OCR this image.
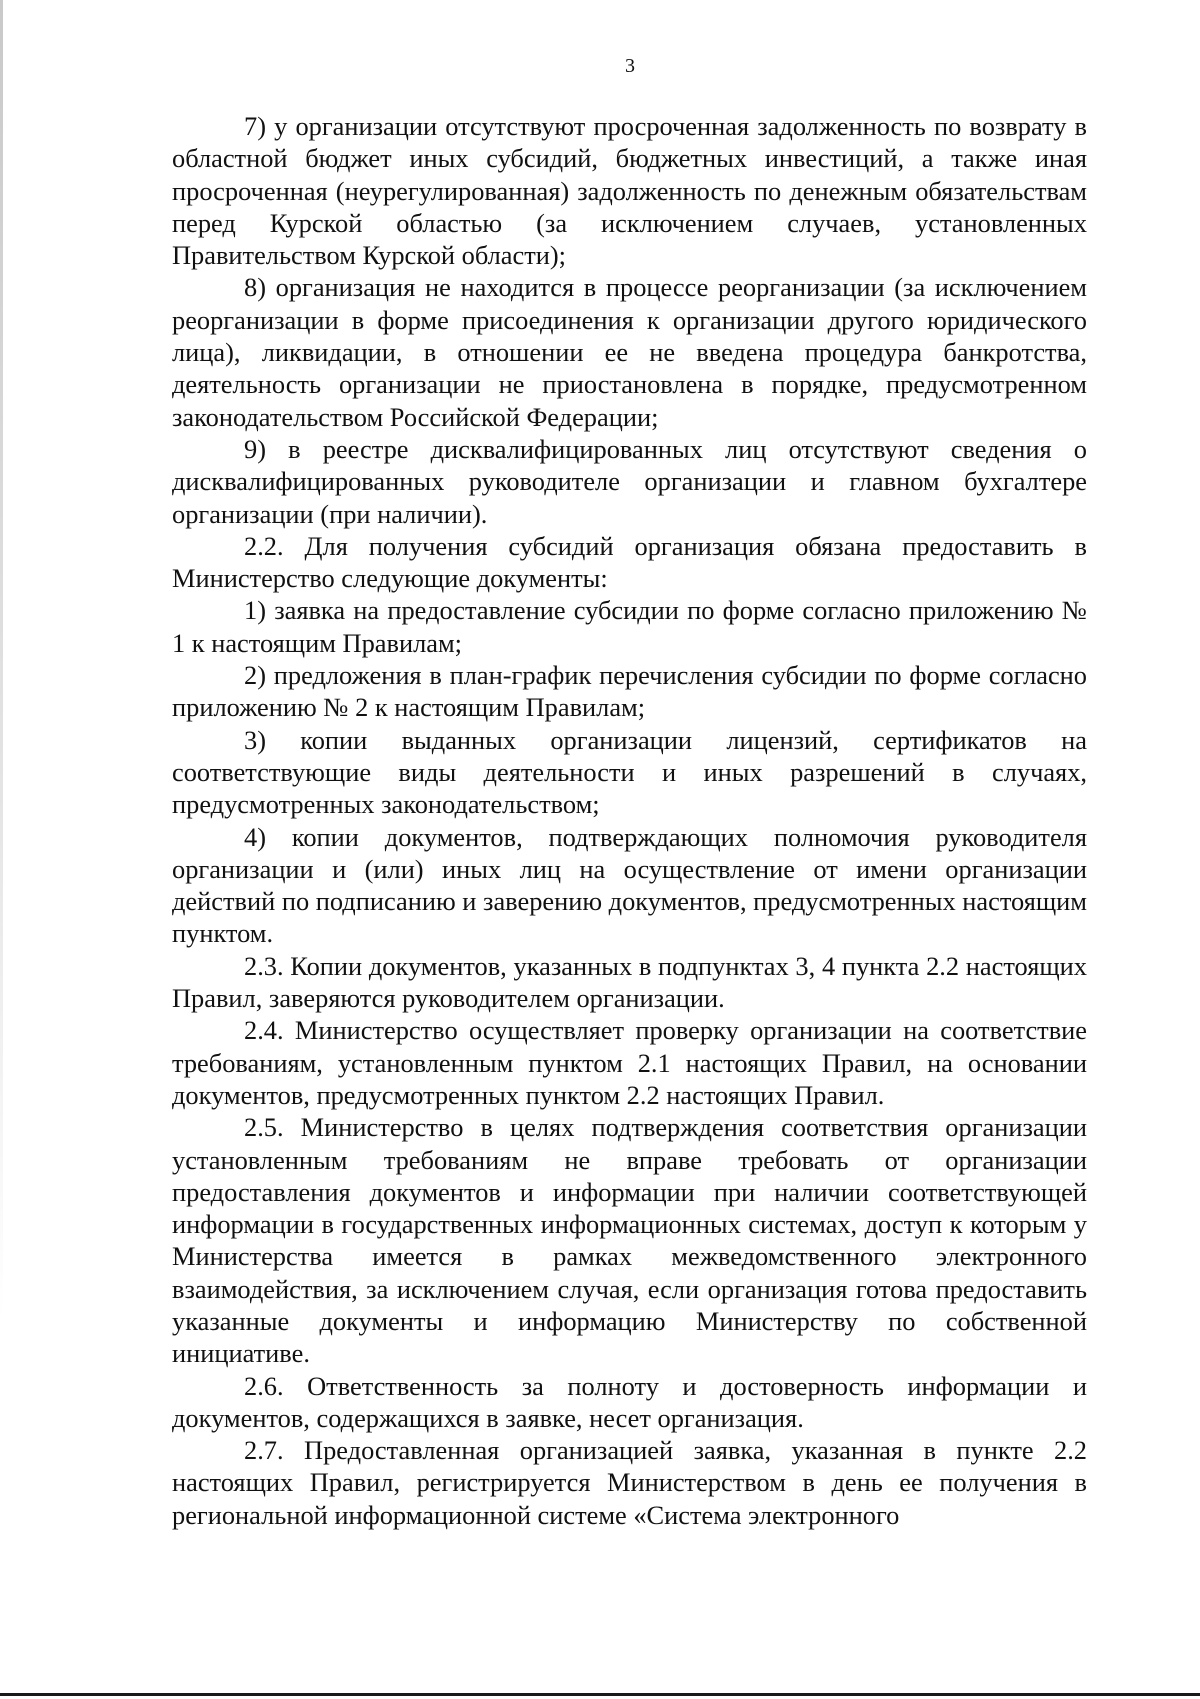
3

7) у организации отсутствуют просроченная задолженность по возврату в областной бюджет иных субсидий, бюджетных инвестиций, а также иная просроченная (неурегулированная) задолженность по денежным обязательствам перед Курской областью (за исключением случаев, установленных Правительством Курской области);

8) организация не находится в процессе реорганизации (за исключением реорганизации в форме присоединения к организации другого юридического лица), ликвидации, в отношении ее не введена процедура банкротства, деятельность организации не приостановлена в порядке, предусмотренном законодательством Российской Федерации;

9) в реестре дисквалифицированных лиц отсутствуют сведения о дисквалифицированных руководителе организации и главном бухгалтере организации (при наличии).

2.2. Для получения субсидий организация обязана предоставить в Министерство следующие документы:

1) заявка на предоставление субсидии по форме согласно приложению № 1 к настоящим Правилам;

2) предложения в план-график перечисления субсидии по форме согласно приложению № 2 к настоящим Правилам;

3) копии выданных организации лицензий, сертификатов на соответствующие виды деятельности и иных разрешений в случаях, предусмотренных законодательством;

4) копии документов, подтверждающих полномочия руководителя организации и (или) иных лиц на осуществление от имени организации действий по подписанию и заверению документов, предусмотренных настоящим пунктом.

2.3. Копии документов, указанных в подпунктах 3, 4 пункта 2.2 настоящих Правил, заверяются руководителем организации.

2.4. Министерство осуществляет проверку организации на соответствие требованиям, установленным пунктом 2.1 настоящих Правил, на основании документов, предусмотренных пунктом 2.2 настоящих Правил.

2.5. Министерство в целях подтверждения соответствия организации установленным требованиям не вправе требовать от организации предоставления документов и информации при наличии соответствующей информации в государственных информационных системах, доступ к которым у Министерства имеется в рамках межведомственного электронного взаимодействия, за исключением случая, если организация готова предоставить указанные документы и информацию Министерству по собственной инициативе.

2.6. Ответственность за полноту и достоверность информации и документов, содержащихся в заявке, несет организация.

2.7. Предоставленная организацией заявка, указанная в пункте 2.2 настоящих Правил, регистрируется Министерством в день ее получения в региональной информационной системе «Система электронного
